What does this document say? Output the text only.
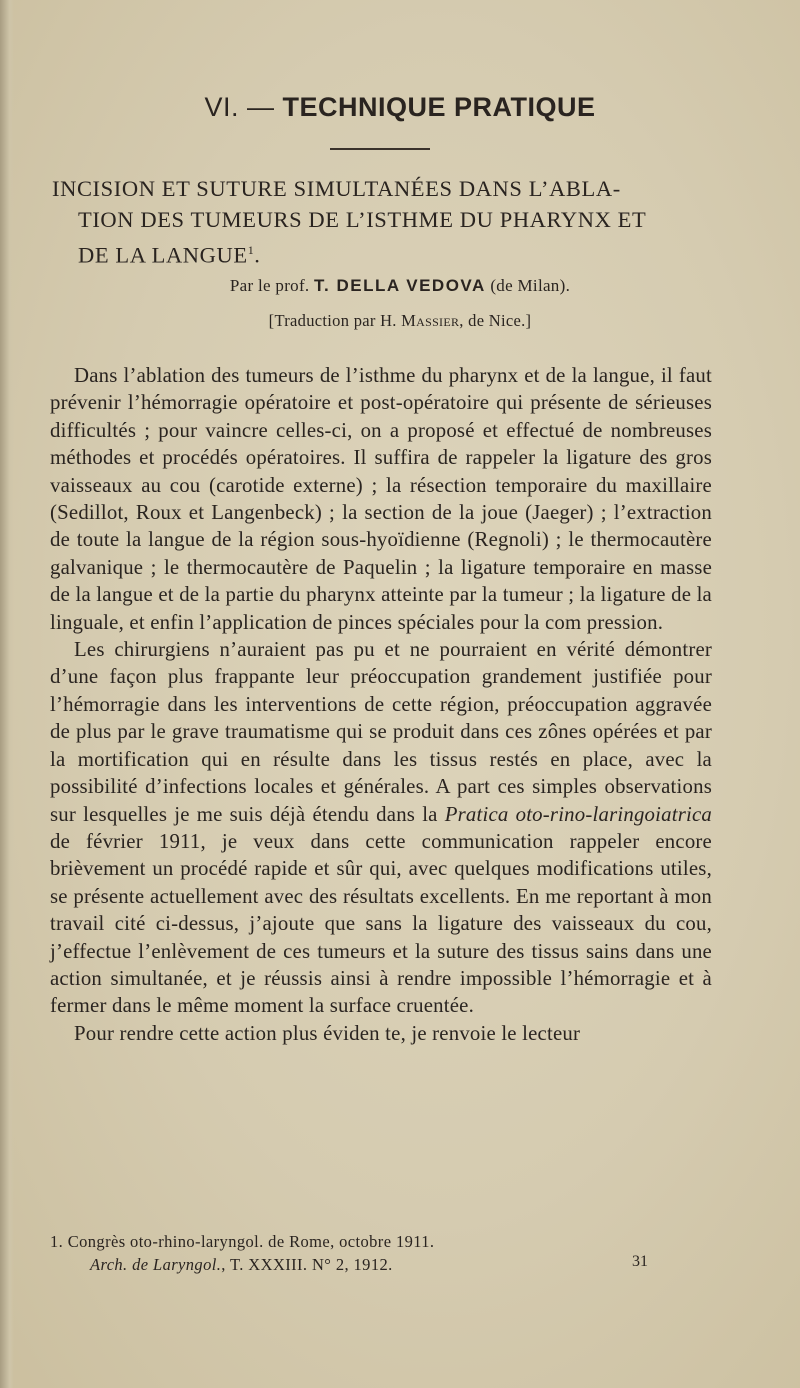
VI. — TECHNIQUE PRATIQUE
INCISION ET SUTURE SIMULTANÉES DANS L’ABLA-
TION DES TUMEURS DE L’ISTHME DU PHARYNX ET
DE LA LANGUE$^1$.
Par le prof. T. DELLA VEDOVA (de Milan).
[Traduction par H. Massier, de Nice.]

Dans l’ablation des tumeurs de l’isthme du pharynx et de la langue, il faut prévenir l’hémorragie opératoire et post-opératoire qui présente de sérieuses difficultés ; pour vaincre celles-ci, on a proposé et effectué de nombreuses méthodes et procédés opératoires. Il suffira de rappeler la ligature des gros vaisseaux au cou (carotide externe) ; la résection temporaire du maxillaire (Sedillot, Roux et Langenbeck) ; la section de la joue (Jaeger) ; l’extraction de toute la langue de la région sous-hyoïdienne (Regnoli) ; le thermocautère galvanique ; le thermocautère de Paquelin ; la ligature temporaire en masse de la langue et de la partie du pharynx atteinte par la tumeur ; la ligature de la linguale, et enfin l’application de pinces spéciales pour la com pression.

Les chirurgiens n’auraient pas pu et ne pourraient en vérité démontrer d’une façon plus frappante leur préoccupation grandement justifiée pour l’hémorragie dans les interventions de cette région, préoccupation aggravée de plus par le grave traumatisme qui se produit dans ces zônes opérées et par la mortification qui en résulte dans les tissus restés en place, avec la possibilité d’infections locales et générales. A part ces simples observations sur lesquelles je me suis déjà étendu dans la Pratica oto-rino-laringoiatrica de février 1911, je veux dans cette communication rappeler encore brièvement un procédé rapide et sûr qui, avec quelques modifications utiles, se présente actuellement avec des résultats excellents. En me reportant à mon travail cité ci-dessus, j’ajoute que sans la ligature des vaisseaux du cou, j’effectue l’enlèvement de ces tumeurs et la suture des tissus sains dans une action simultanée, et je réussis ainsi à rendre impossible l’hémorragie et à fermer dans le même moment la surface cruentée.

Pour rendre cette action plus éviden te, je renvoie le lecteur

1. Congrès oto-rhino-laryngol. de Rome, octobre 1911.
Arch. de Laryngol., T. XXXIII. N° 2, 1912.	31
